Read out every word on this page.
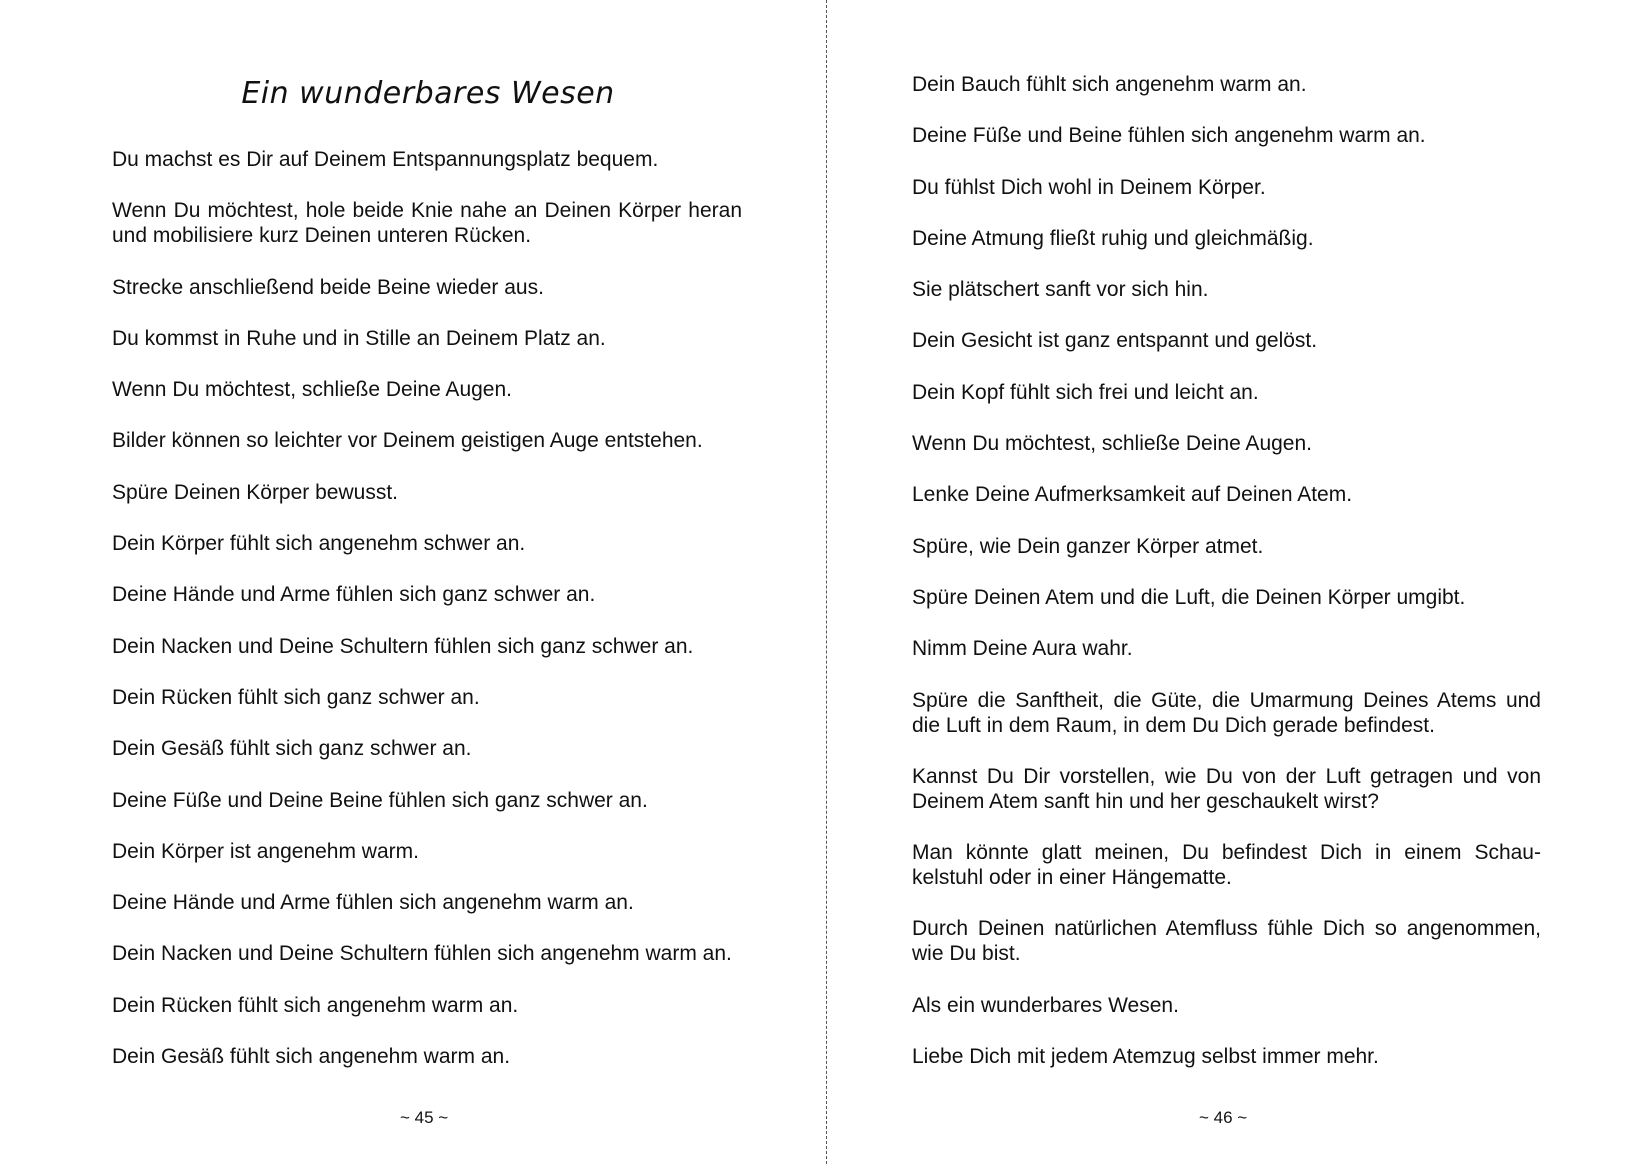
Ein wunderbares Wesen

Du machst es Dir auf Deinem Entspannungsplatz bequem.

Wenn Du möchtest, hole beide Knie nahe an Deinen Körper heran und mobilisiere kurz Deinen unteren Rücken.

Strecke anschließend beide Beine wieder aus.

Du kommst in Ruhe und in Stille an Deinem Platz an.

Wenn Du möchtest, schließe Deine Augen.

Bilder können so leichter vor Deinem geistigen Auge entstehen.

Spüre Deinen Körper bewusst.

Dein Körper fühlt sich angenehm schwer an.

Deine Hände und Arme fühlen sich ganz schwer an.

Dein Nacken und Deine Schultern fühlen sich ganz schwer an.

Dein Rücken fühlt sich ganz schwer an.

Dein Gesäß fühlt sich ganz schwer an.

Deine Füße und Deine Beine fühlen sich ganz schwer an.

Dein Körper ist angenehm warm.

Deine Hände und Arme fühlen sich angenehm warm an.

Dein Nacken und Deine Schultern fühlen sich angenehm warm an.

Dein Rücken fühlt sich angenehm warm an.

Dein Gesäß fühlt sich angenehm warm an.

~ 45 ~

Dein Bauch fühlt sich angenehm warm an.

Deine Füße und Beine fühlen sich angenehm warm an.

Du fühlst Dich wohl in Deinem Körper.

Deine Atmung fließt ruhig und gleichmäßig.

Sie plätschert sanft vor sich hin.

Dein Gesicht ist ganz entspannt und gelöst.

Dein Kopf fühlt sich frei und leicht an.

Wenn Du möchtest, schließe Deine Augen.

Lenke Deine Aufmerksamkeit auf Deinen Atem.

Spüre, wie Dein ganzer Körper atmet.

Spüre Deinen Atem und die Luft, die Deinen Körper umgibt.

Nimm Deine Aura wahr.

Spüre die Sanftheit, die Güte, die Umarmung Deines Atems und die Luft in dem Raum, in dem Du Dich gerade befindest.

Kannst Du Dir vorstellen, wie Du von der Luft getragen und von Deinem Atem sanft hin und her geschaukelt wirst?

Man könnte glatt meinen, Du befindest Dich in einem Schaukelstuhl oder in einer Hängematte.

Durch Deinen natürlichen Atemfluss fühle Dich so angenommen, wie Du bist.

Als ein wunderbares Wesen.

Liebe Dich mit jedem Atemzug selbst immer mehr.

~ 46 ~
